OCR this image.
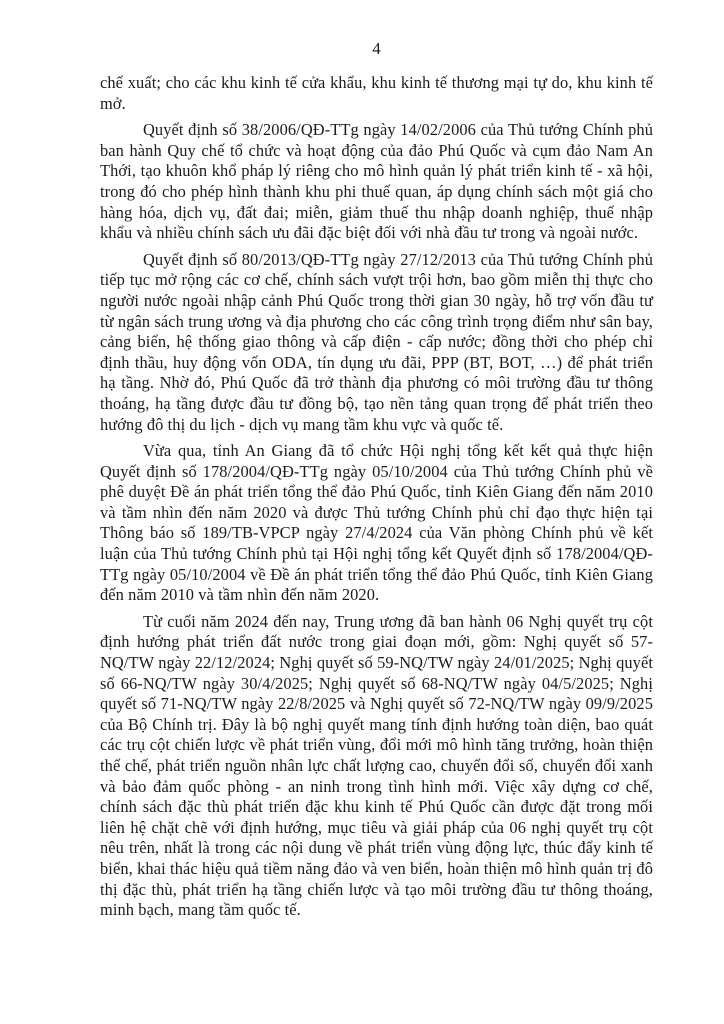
4

chế xuất; cho các khu kinh tế cửa khẩu, khu kinh tế thương mại tự do, khu kinh tế mở.

Quyết định số 38/2006/QĐ-TTg ngày 14/02/2006 của Thủ tướng Chính phủ ban hành Quy chế tổ chức và hoạt động của đảo Phú Quốc và cụm đảo Nam An Thới, tạo khuôn khổ pháp lý riêng cho mô hình quản lý phát triển kinh tế - xã hội, trong đó cho phép hình thành khu phi thuế quan, áp dụng chính sách một giá cho hàng hóa, dịch vụ, đất đai; miễn, giảm thuế thu nhập doanh nghiệp, thuế nhập khẩu và nhiều chính sách ưu đãi đặc biệt đối với nhà đầu tư trong và ngoài nước.

Quyết định số 80/2013/QĐ-TTg ngày 27/12/2013 của Thủ tướng Chính phủ tiếp tục mở rộng các cơ chế, chính sách vượt trội hơn, bao gồm miễn thị thực cho người nước ngoài nhập cảnh Phú Quốc trong thời gian 30 ngày, hỗ trợ vốn đầu tư từ ngân sách trung ương và địa phương cho các công trình trọng điểm như sân bay, cảng biển, hệ thống giao thông và cấp điện - cấp nước; đồng thời cho phép chỉ định thầu, huy động vốn ODA, tín dụng ưu đãi, PPP (BT, BOT, …) để phát triển hạ tầng. Nhờ đó, Phú Quốc đã trở thành địa phương có môi trường đầu tư thông thoáng, hạ tầng được đầu tư đồng bộ, tạo nền tảng quan trọng để phát triển theo hướng đô thị du lịch - dịch vụ mang tầm khu vực và quốc tế.

Vừa qua, tỉnh An Giang đã tổ chức Hội nghị tổng kết kết quả thực hiện Quyết định số 178/2004/QĐ-TTg ngày 05/10/2004 của Thủ tướng Chính phủ về phê duyệt Đề án phát triển tổng thể đảo Phú Quốc, tỉnh Kiên Giang đến năm 2010 và tầm nhìn đến năm 2020 và được Thủ tướng Chính phủ chỉ đạo thực hiện tại Thông báo số 189/TB-VPCP ngày 27/4/2024 của Văn phòng Chính phủ về kết luận của Thủ tướng Chính phủ tại Hội nghị tổng kết Quyết định số 178/2004/QĐ-TTg ngày 05/10/2004 về Đề án phát triển tổng thể đảo Phú Quốc, tỉnh Kiên Giang đến năm 2010 và tầm nhìn đến năm 2020.

Từ cuối năm 2024 đến nay, Trung ương đã ban hành 06 Nghị quyết trụ cột định hướng phát triển đất nước trong giai đoạn mới, gồm: Nghị quyết số 57-NQ/TW ngày 22/12/2024; Nghị quyết số 59-NQ/TW ngày 24/01/2025; Nghị quyết số 66-NQ/TW ngày 30/4/2025; Nghị quyết số 68-NQ/TW ngày 04/5/2025; Nghị quyết số 71-NQ/TW ngày 22/8/2025 và Nghị quyết số 72-NQ/TW ngày 09/9/2025 của Bộ Chính trị. Đây là bộ nghị quyết mang tính định hướng toàn diện, bao quát các trụ cột chiến lược về phát triển vùng, đổi mới mô hình tăng trưởng, hoàn thiện thể chế, phát triển nguồn nhân lực chất lượng cao, chuyển đổi số, chuyển đổi xanh và bảo đảm quốc phòng - an ninh trong tình hình mới. Việc xây dựng cơ chế, chính sách đặc thù phát triển đặc khu kinh tế Phú Quốc cần được đặt trong mối liên hệ chặt chẽ với định hướng, mục tiêu và giải pháp của 06 nghị quyết trụ cột nêu trên, nhất là trong các nội dung về phát triển vùng động lực, thúc đẩy kinh tế biển, khai thác hiệu quả tiềm năng đảo và ven biển, hoàn thiện mô hình quản trị đô thị đặc thù, phát triển hạ tầng chiến lược và tạo môi trường đầu tư thông thoáng, minh bạch, mang tầm quốc tế.
